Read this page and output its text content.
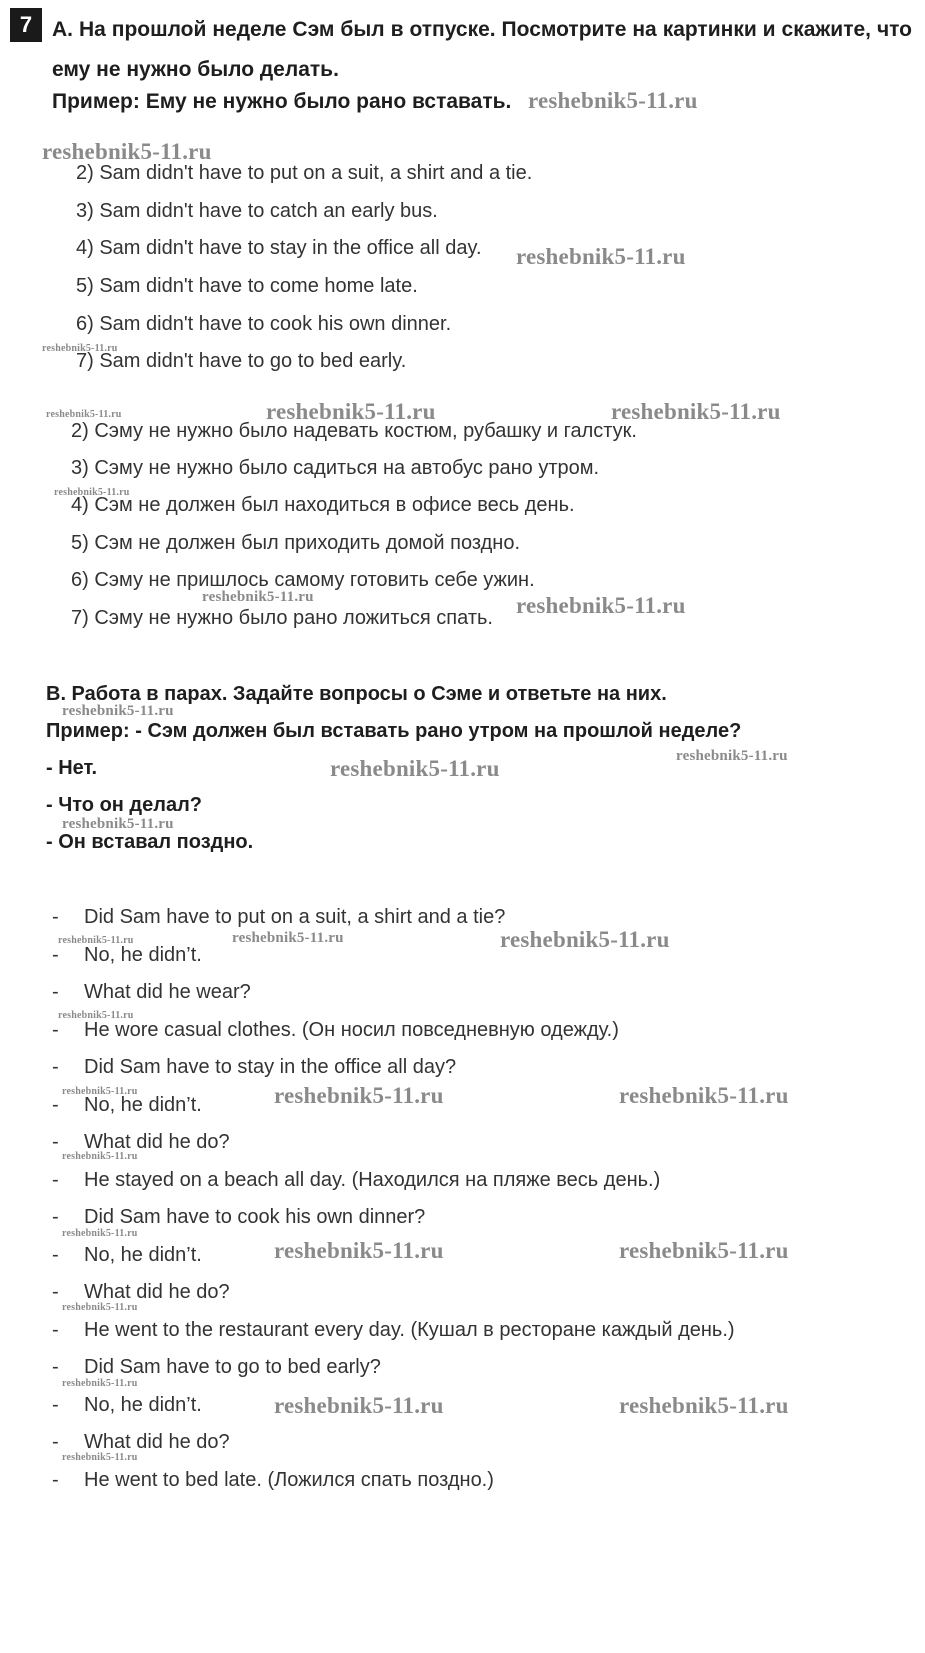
7 A. На прошлой неделе Сэм был в отпуске. Посмотрите на картинки и скажите, что ему не нужно было делать.
Пример: Ему не нужно было рано вставать.
2) Sam didn't have to put on a suit, a shirt and a tie.
3) Sam didn't have to catch an early bus.
4) Sam didn't have to stay in the office all day.
5) Sam didn't have to come home late.
6) Sam didn't have to cook his own dinner.
7) Sam didn't have to go to bed early.
2) Сэму не нужно было надевать костюм, рубашку и галстук.
3) Сэму не нужно было садиться на автобус рано утром.
4) Сэм не должен был находиться в офисе весь день.
5) Сэм не должен был приходить домой поздно.
6) Сэму не пришлось самому готовить себе ужин.
7) Сэму не нужно было рано ложиться спать.
B. Работа в парах. Задайте вопросы о Сэме и ответьте на них.
Пример: - Сэм должен был вставать рано утром на прошлой неделе?
- Нет.
- Что он делал?
- Он вставал поздно.
- Did Sam have to put on a suit, a shirt and a tie?
- No, he didn’t.
- What did he wear?
- He wore casual clothes. (Он носил повседневную одежду.)
- Did Sam have to stay in the office all day?
- No, he didn’t.
- What did he do?
- He stayed on a beach all day. (Находился на пляже весь день.)
- Did Sam have to cook his own dinner?
- No, he didn’t.
- What did he do?
- He went to the restaurant every day. (Кушал в ресторане каждый день.)
- Did Sam have to go to bed early?
- No, he didn’t.
- What did he do?
- He went to bed late. (Ложился спать поздно.)
reshebnik5-11.ru
reshebnik5-11.ru
reshebnik5-11.ru
reshebnik5-11.ru
reshebnik5-11.ru	reshebnik5-11.ru	reshebnik5-11.ru
reshebnik5-11.ru
reshebnik5-11.ru	reshebnik5-11.ru
reshebnik5-11.ru
reshebnik5-11.ru
reshebnik5-11.ru
reshebnik5-11.ru
reshebnik5-11.ru	reshebnik5-11.ru	reshebnik5-11.ru
reshebnik5-11.ru
reshebnik5-11.ru	reshebnik5-11.ru	reshebnik5-11.ru
reshebnik5-11.ru
reshebnik5-11.ru
reshebnik5-11.ru	reshebnik5-11.ru
reshebnik5-11.ru
reshebnik5-11.ru
reshebnik5-11.ru	reshebnik5-11.ru
reshebnik5-11.ru
